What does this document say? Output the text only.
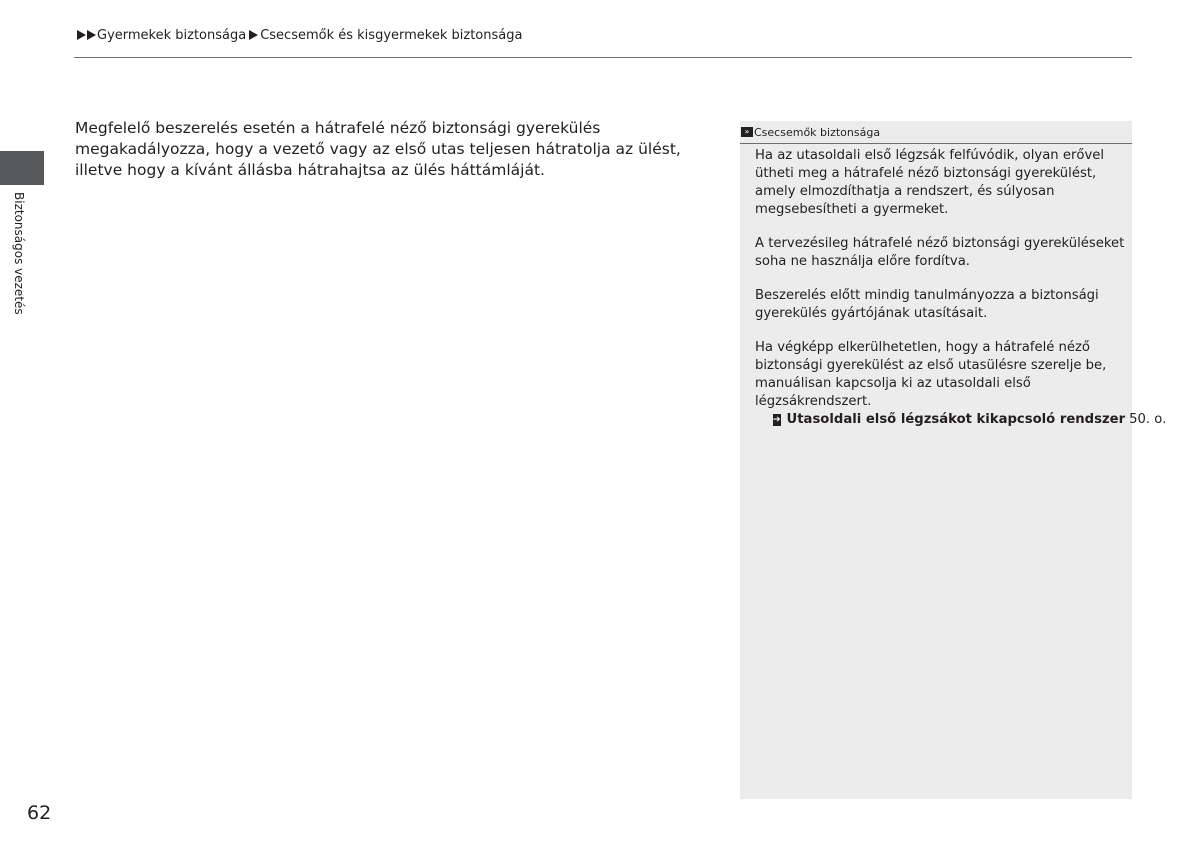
Gyermekek biztonsága Csecsemők és kisgyermekek biztonsága
Biztonságos vezetés

Megfelelő beszerelés esetén a hátrafelé néző biztonsági gyerekülés megakadályozza, hogy a vezető vagy az első utas teljesen hátratolja az ülést, illetve hogy a kívánt állásba hátrahajtsa az ülés háttámláját.

» Csecsemők biztonsága

Ha az utasoldali első légzsák felfúvódik, olyan erővel ütheti meg a hátrafelé néző biztonsági gyerekülést, amely elmozdíthatja a rendszert, és súlyosan megsebesítheti a gyermeket.

A tervezésileg hátrafelé néző biztonsági gyereküléseket soha ne használja előre fordítva.

Beszerelés előtt mindig tanulmányozza a biztonsági gyerekülés gyártójának utasításait.

Ha végképp elkerülhetetlen, hogy a hátrafelé néző biztonsági gyerekülést az első utasülésre szerelje be, manuálisan kapcsolja ki az utasoldali első légzsákrendszert.

➔ Utasoldali első légzsákot kikapcsoló rendszer 50. o.
62
